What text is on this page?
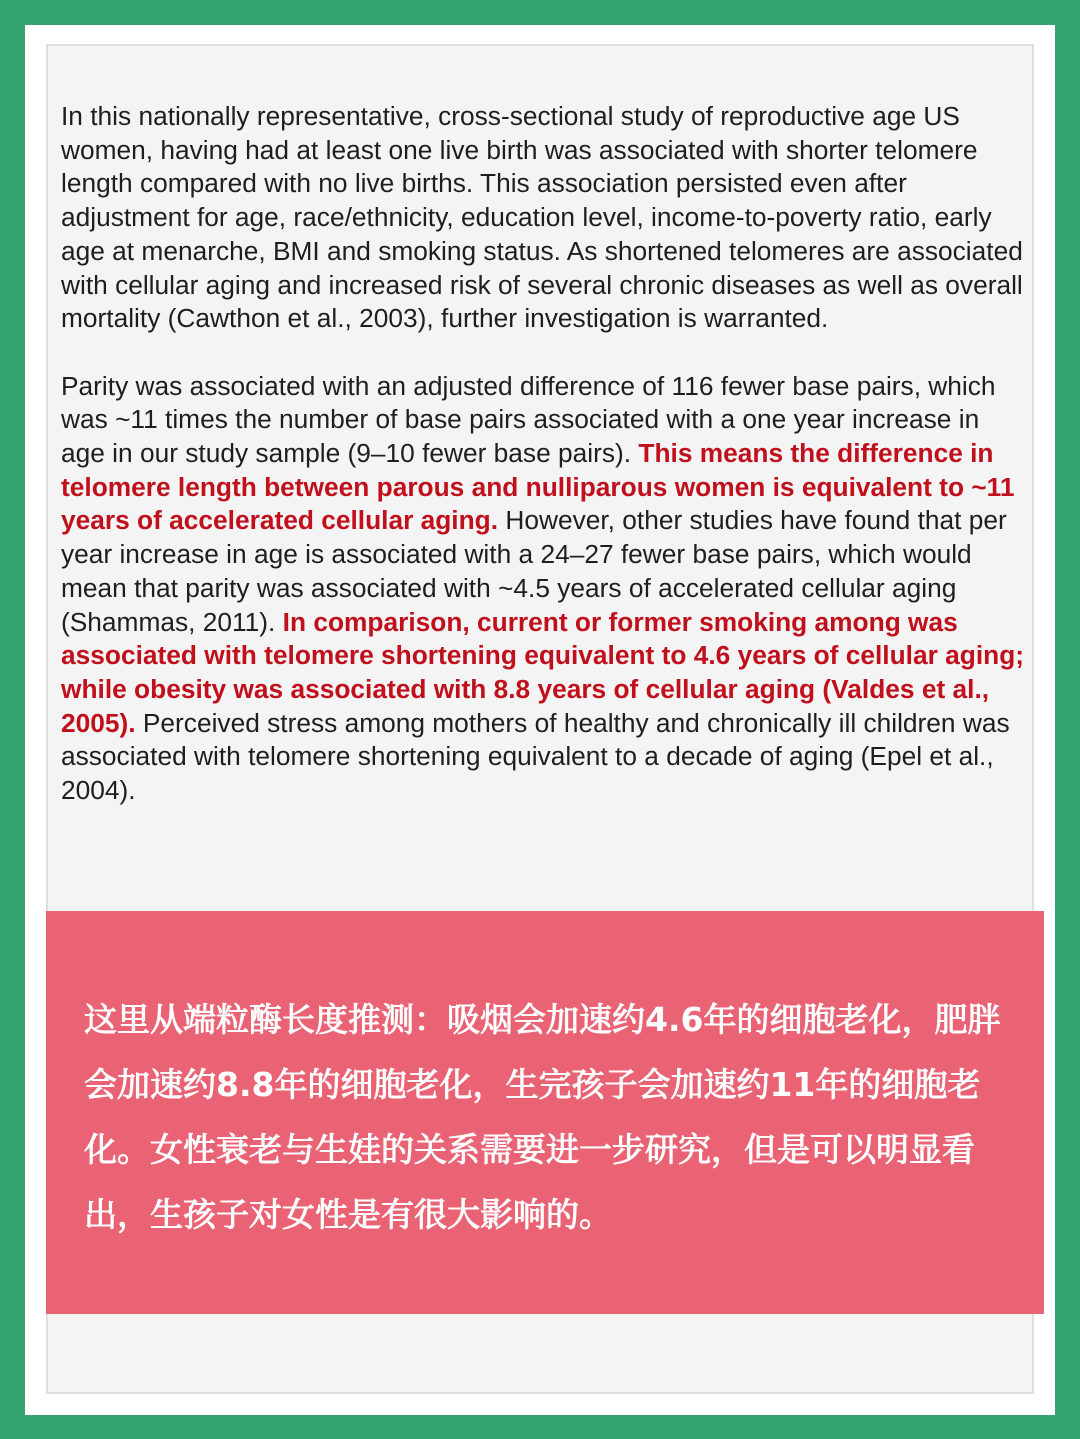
In this nationally representative, cross-sectional study of reproductive age US women, having had at least one live birth was associated with shorter telomere length compared with no live births. This association persisted even after adjustment for age, race/ethnicity, education level, income-to-poverty ratio, early age at menarche, BMI and smoking status. As shortened telomeres are associated with cellular aging and increased risk of several chronic diseases as well as overall mortality (Cawthon et al., 2003), further investigation is warranted.

Parity was associated with an adjusted difference of 116 fewer base pairs, which was ~11 times the number of base pairs associated with a one year increase in age in our study sample (9–10 fewer base pairs). This means the difference in telomere length between parous and nulliparous women is equivalent to ~11 years of accelerated cellular aging. However, other studies have found that per year increase in age is associated with a 24–27 fewer base pairs, which would mean that parity was associated with ~4.5 years of accelerated cellular aging (Shammas, 2011). In comparison, current or former smoking among was associated with telomere shortening equivalent to 4.6 years of cellular aging; while obesity was associated with 8.8 years of cellular aging (Valdes et al., 2005). Perceived stress among mothers of healthy and chronically ill children was associated with telomere shortening equivalent to a decade of aging (Epel et al., 2004).

这里从端粒酶长度推测：吸烟会加速约4.6年的细胞老化，肥胖会加速约8.8年的细胞老化，生完孩子会加速约11年的细胞老化。女性衰老与生娃的关系需要进一步研究，但是可以明显看出，生孩子对女性是有很大影响的。
